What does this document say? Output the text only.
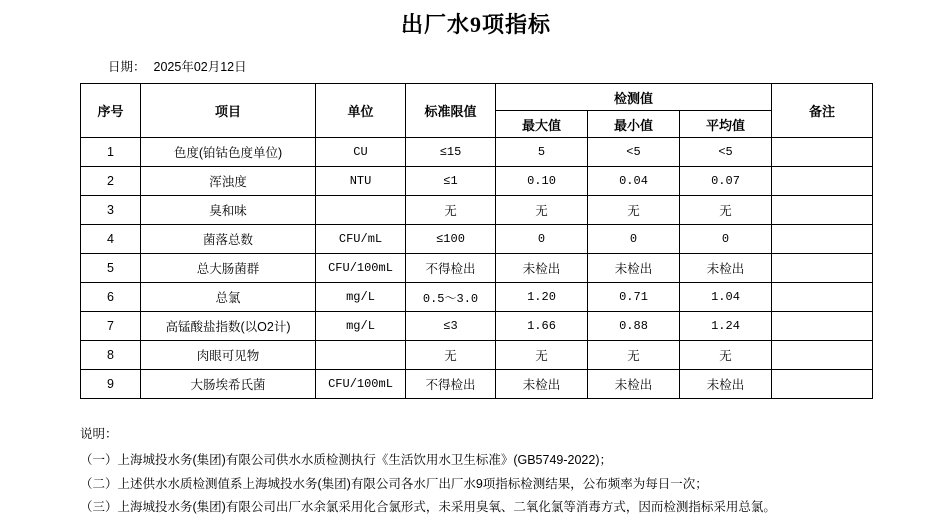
出厂水9项指标
日期： 2025年02月12日
序号	项目	单位	标准限值	检测值			备注
				最大值	最小值	平均值	
1	色度(铂钴色度单位)	CU	≤15	5	<5	<5	
2	浑浊度	NTU	≤1	0.10	0.04	0.07	
3	臭和味		无	无	无	无	
4	菌落总数	CFU/mL	≤100	0	0	0	
5	总大肠菌群	CFU/100mL	不得检出	未检出	未检出	未检出	
6	总氯	mg/L	0.5～3.0	1.20	0.71	1.04	
7	高锰酸盐指数(以O2计)	mg/L	≤3	1.66	0.88	1.24	
8	肉眼可见物		无	无	无	无	
9	大肠埃希氏菌	CFU/100mL	不得检出	未检出	未检出	未检出	
说明：
（一）上海城投水务(集团)有限公司供水水质检测执行《生活饮用水卫生标准》(GB5749-2022)；
（二）上述供水水质检测值系上海城投水务(集团)有限公司各水厂出厂水9项指标检测结果，公布频率为每日一次；
（三）上海城投水务(集团)有限公司出厂水余氯采用化合氯形式，未采用臭氧、二氧化氯等消毒方式，因而检测指标采用总氯。
